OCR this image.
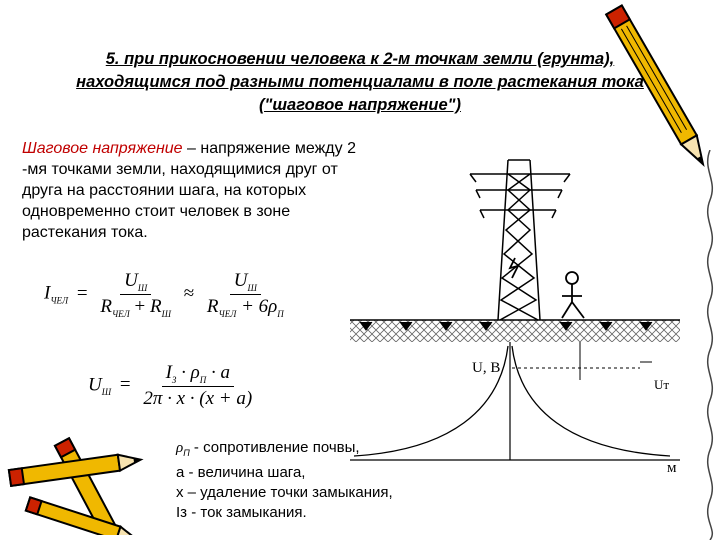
5. при прикосновении человека к 2-м точкам земли (грунта),
находящимся под разными потенциалами в поле растекания тока
("шаговое напряжение")
Шаговое напряжение – напряжение между 2
-мя точками земли, находящимися друг от
друга на расстоянии шага, на которых
одновременно стоит человек в зоне
растекания тока.
$I_{ЧЕЛ} = \frac{U_Ш}{R_{ЧЕЛ} + R_Ш} \approx \frac{U_Ш}{R_{ЧЕЛ} + 6\rho_П}$
$U_Ш = \frac{I_З \cdot \rho_П \cdot a}{2\pi \cdot x \cdot (x + a)}$
$\rho_П$ - сопротивление почвы,
a - величина шага,
x – удаление точки замыкания,
Iз - ток замыкания.
U, B
Uт
м
